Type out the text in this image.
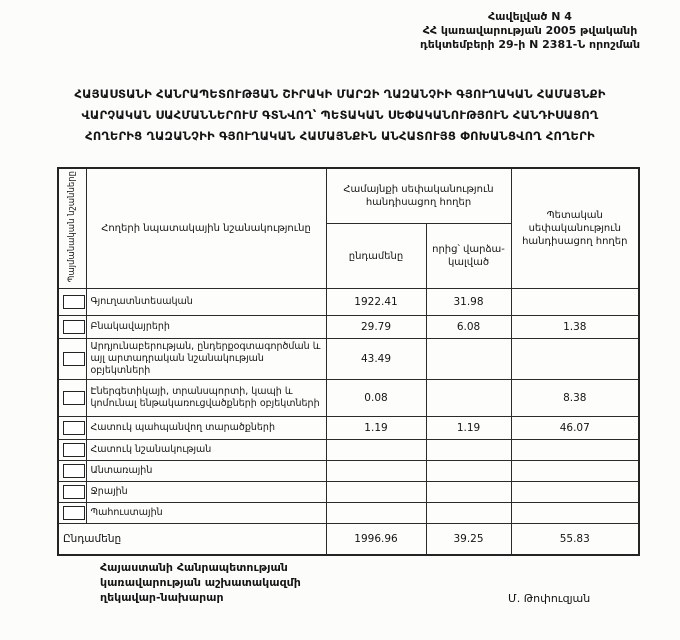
Հավելված N 4
ՀՀ կառավարության 2005 թվականի
դեկտեմբերի 29-ի N 2381-Ն որոշման
ՀԱՅԱՍՏԱՆԻ ՀԱՆՐԱՊԵՏՈՒԹՅԱՆ ՇԻՐԱԿԻ ՄԱՐԶԻ ՂԱԶԱՆՉԻԻ ԳՅՈՒՂԱԿԱՆ ՀԱՄԱՅՆՔԻ
ՎԱՐՉԱԿԱՆ ՍԱՀՄԱՆՆԵՐՈՒՄ ԳՏՆՎՈՂ՝ ՊԵՏԱԿԱՆ ՍԵՓԱԿԱՆՈՒԹՅՈՒՆ ՀԱՆԴԻՍԱՑՈՂ
ՀՈՂԵՐԻՑ ՂԱԶԱՆՉԻԻ ԳՅՈՒՂԱԿԱՆ ՀԱՄԱՅՆՔԻՆ ԱՆՀԱՏՈՒՅՑ ՓՈԽԱՆՑՎՈՂ ՀՈՂԵՐԻ
Պայմանական նշանները	Հողերի նպատակային նշանակությունը	Համայնքի սեփականություն հանդիսացող հողեր		Պետական սեփականություն հանդիսացող հողեր
		ընդամենը	որից՝ վարձա- կալված	
	Գյուղատնտեսական	1922.41	31.98	
	Բնակավայրերի	29.79	6.08	1.38
	Արդյունաբերության, ընդերքօգտագործման և այլ արտադրական նշանակության օբյեկտների	43.49		
	Էներգետիկայի, տրանսպորտի, կապի և կոմունալ ենթակառուցվածքների օբյեկտների	0.08		8.38
	Հատուկ պահպանվող տարածքների	1.19	1.19	46.07
	Հատուկ նշանակության			
	Անտառային			
	Ջրային			
	Պահուստային			
Ընդամենը		1996.96	39.25	55.83
Հայաստանի Հանրապետության
կառավարության աշխատակազմի
ղեկավար-նախարար	Մ. Թոփուզյան
